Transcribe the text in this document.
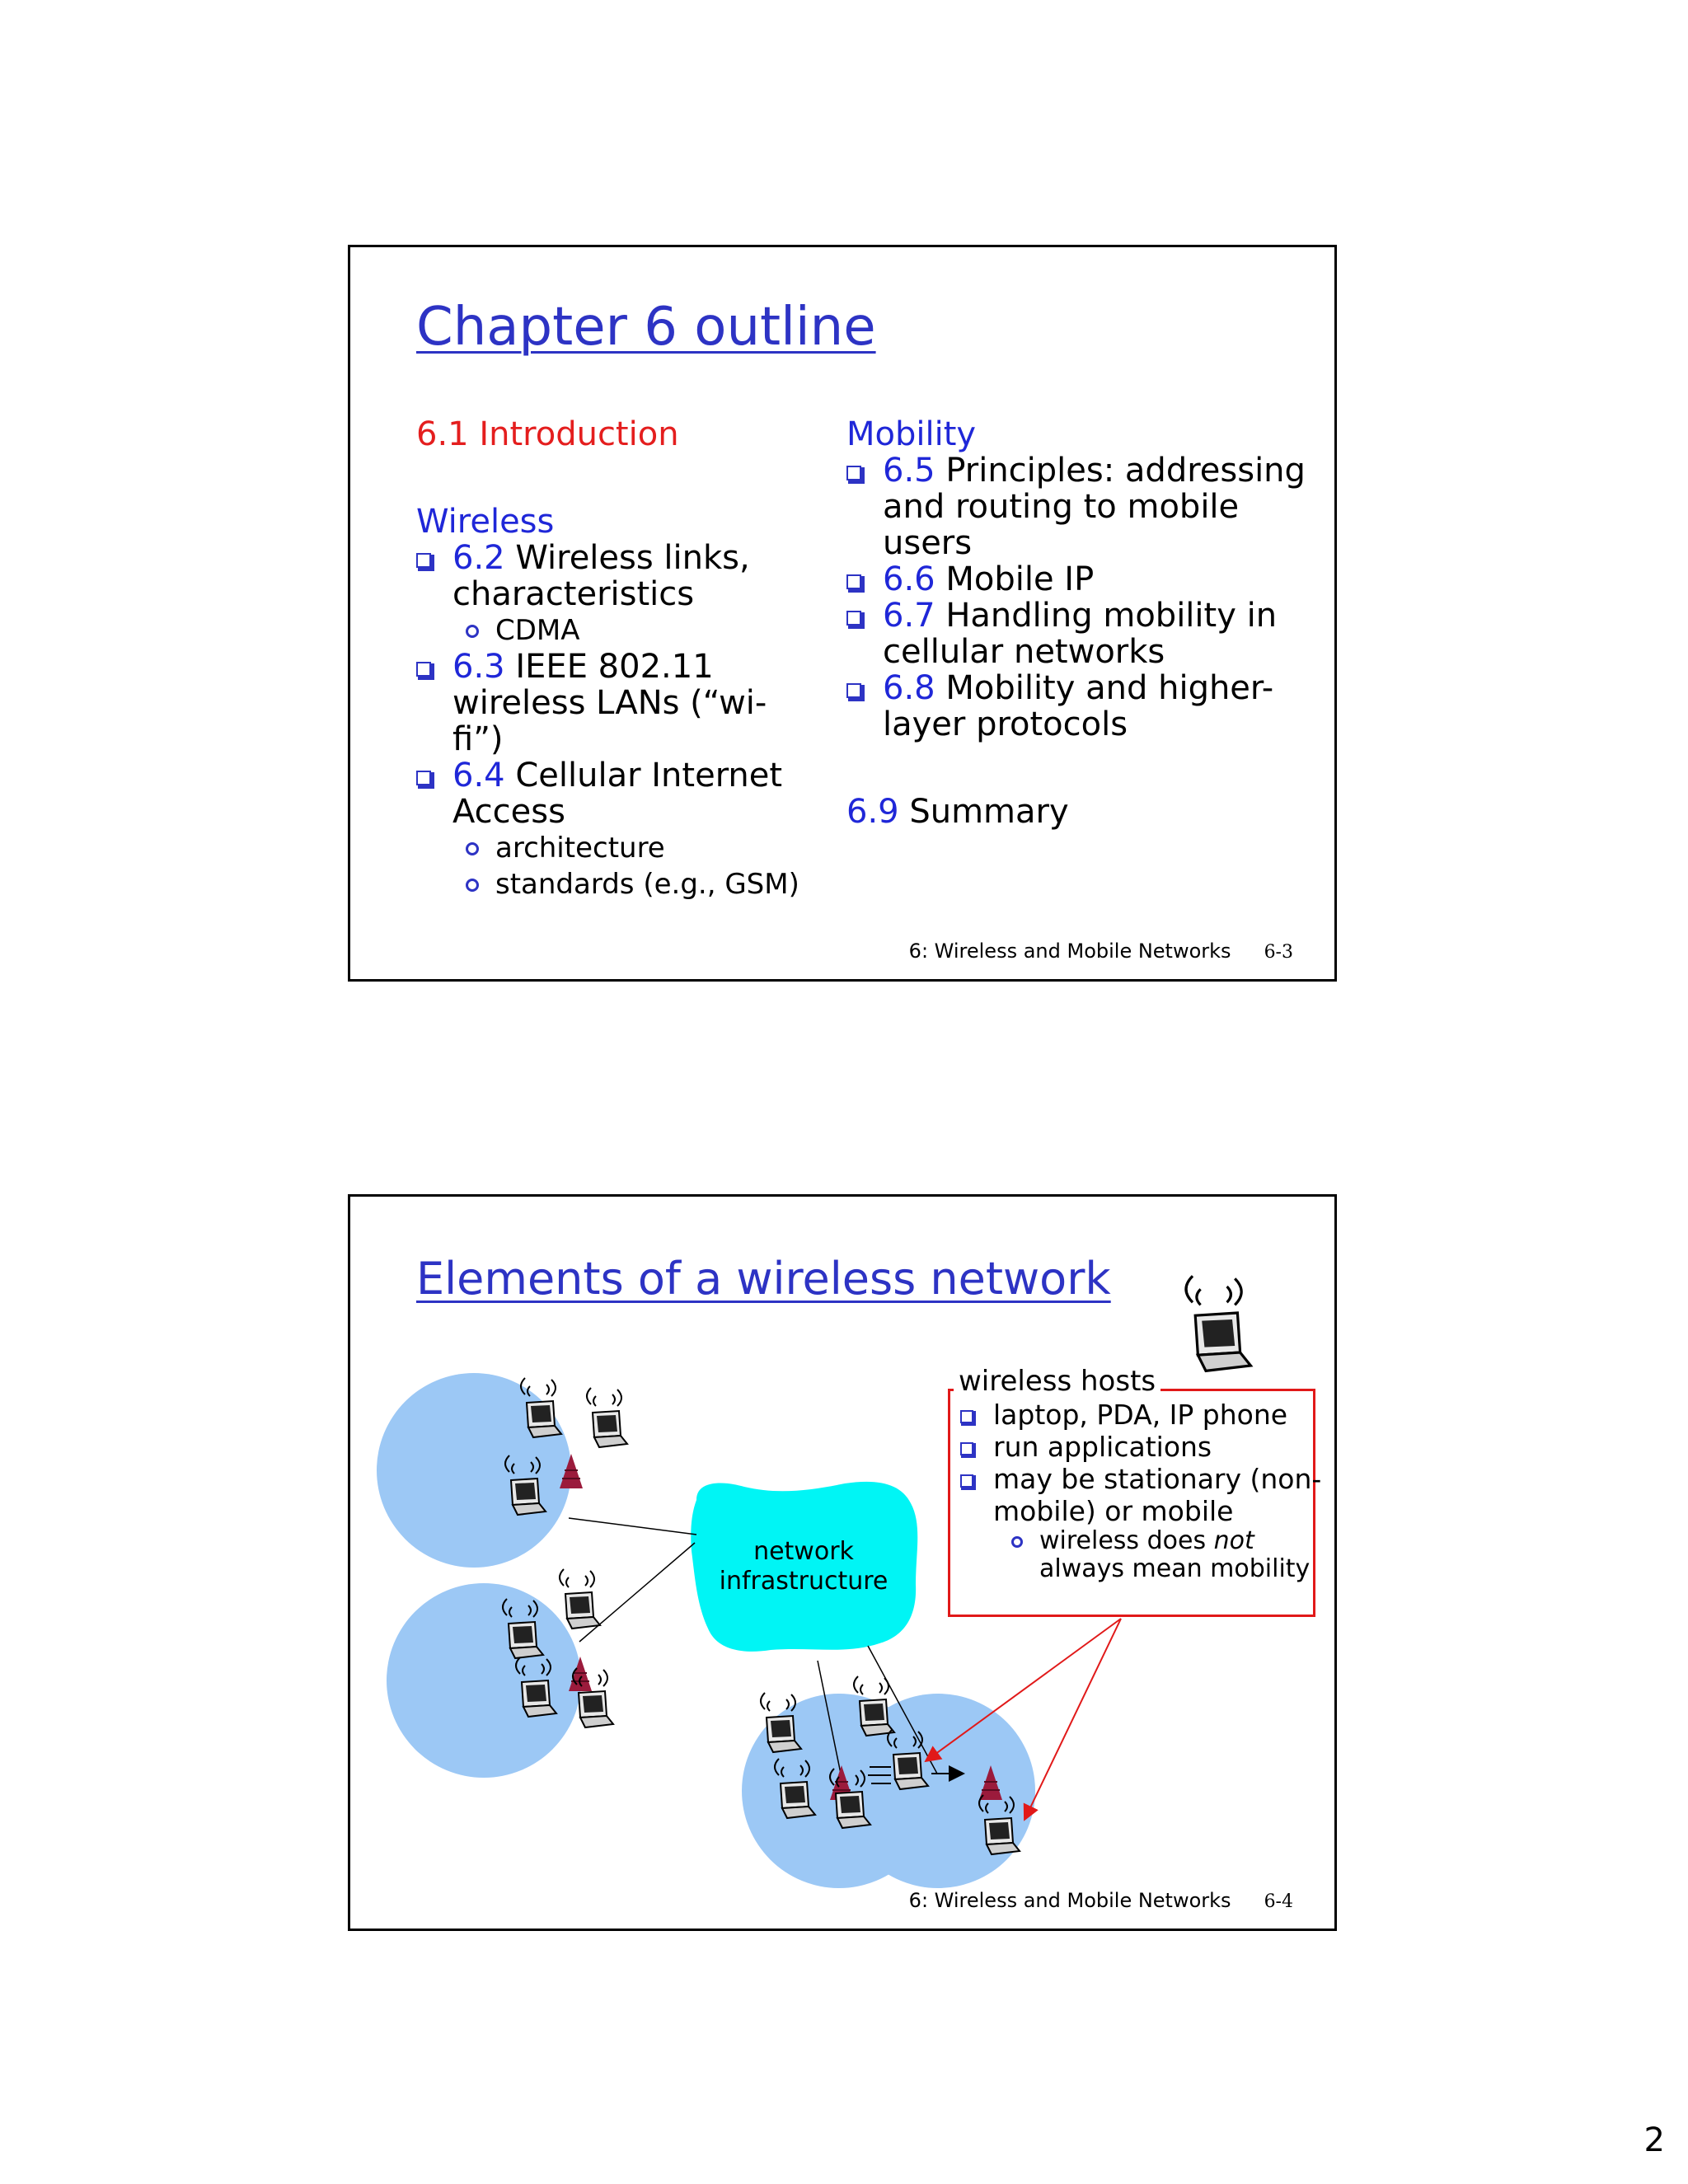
Chapter 6 outline
6.1 Introduction
Wireless
6.2 Wireless links, characteristics
CDMA
6.3 IEEE 802.11 wireless LANs (“wi-fi”)
6.4 Cellular Internet Access
architecture
standards (e.g., GSM)
Mobility
6.5 Principles: addressing and routing to mobile users
6.6 Mobile IP
6.7 Handling mobility in cellular networks
6.8 Mobility and higher-layer protocols
6.9 Summary
6: Wireless and Mobile Networks 6-3
Elements of a wireless network
network
infrastructure
wireless hosts
laptop, PDA, IP phone
run applications
may be stationary (non-mobile) or mobile
wireless does not always mean mobility
6: Wireless and Mobile Networks 6-4
2
